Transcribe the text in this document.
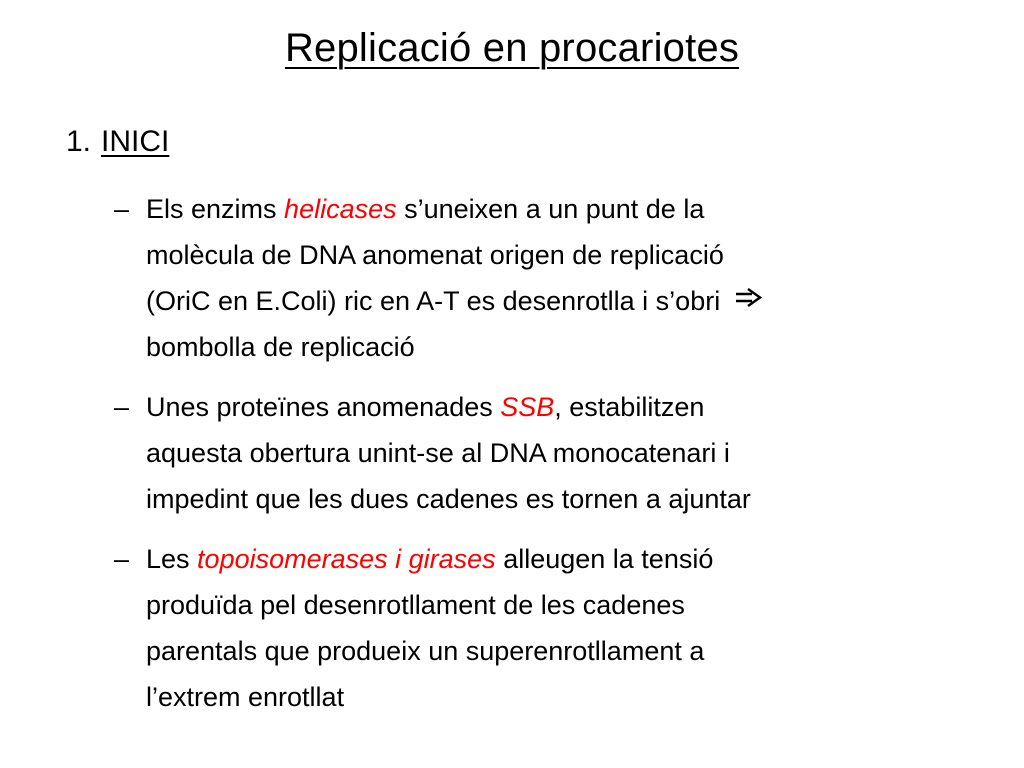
Replicació en procariotes
1. INICI
– Els enzims helicases s’uneixen a un punt de la
molècula de DNA anomenat origen de replicació
(OriC en E.Coli) ric en A-T es desenrotlla i s’obri
bombolla de replicació
– Unes proteïnes anomenades SSB, estabilitzen
aquesta obertura unint-se al DNA monocatenari i
impedint que les dues cadenes es tornen a ajuntar
– Les topoisomerases i girases alleugen la tensió
produïda pel desenrotllament de les cadenes
parentals que produeix un superenrotllament a
l’extrem enrotllat
